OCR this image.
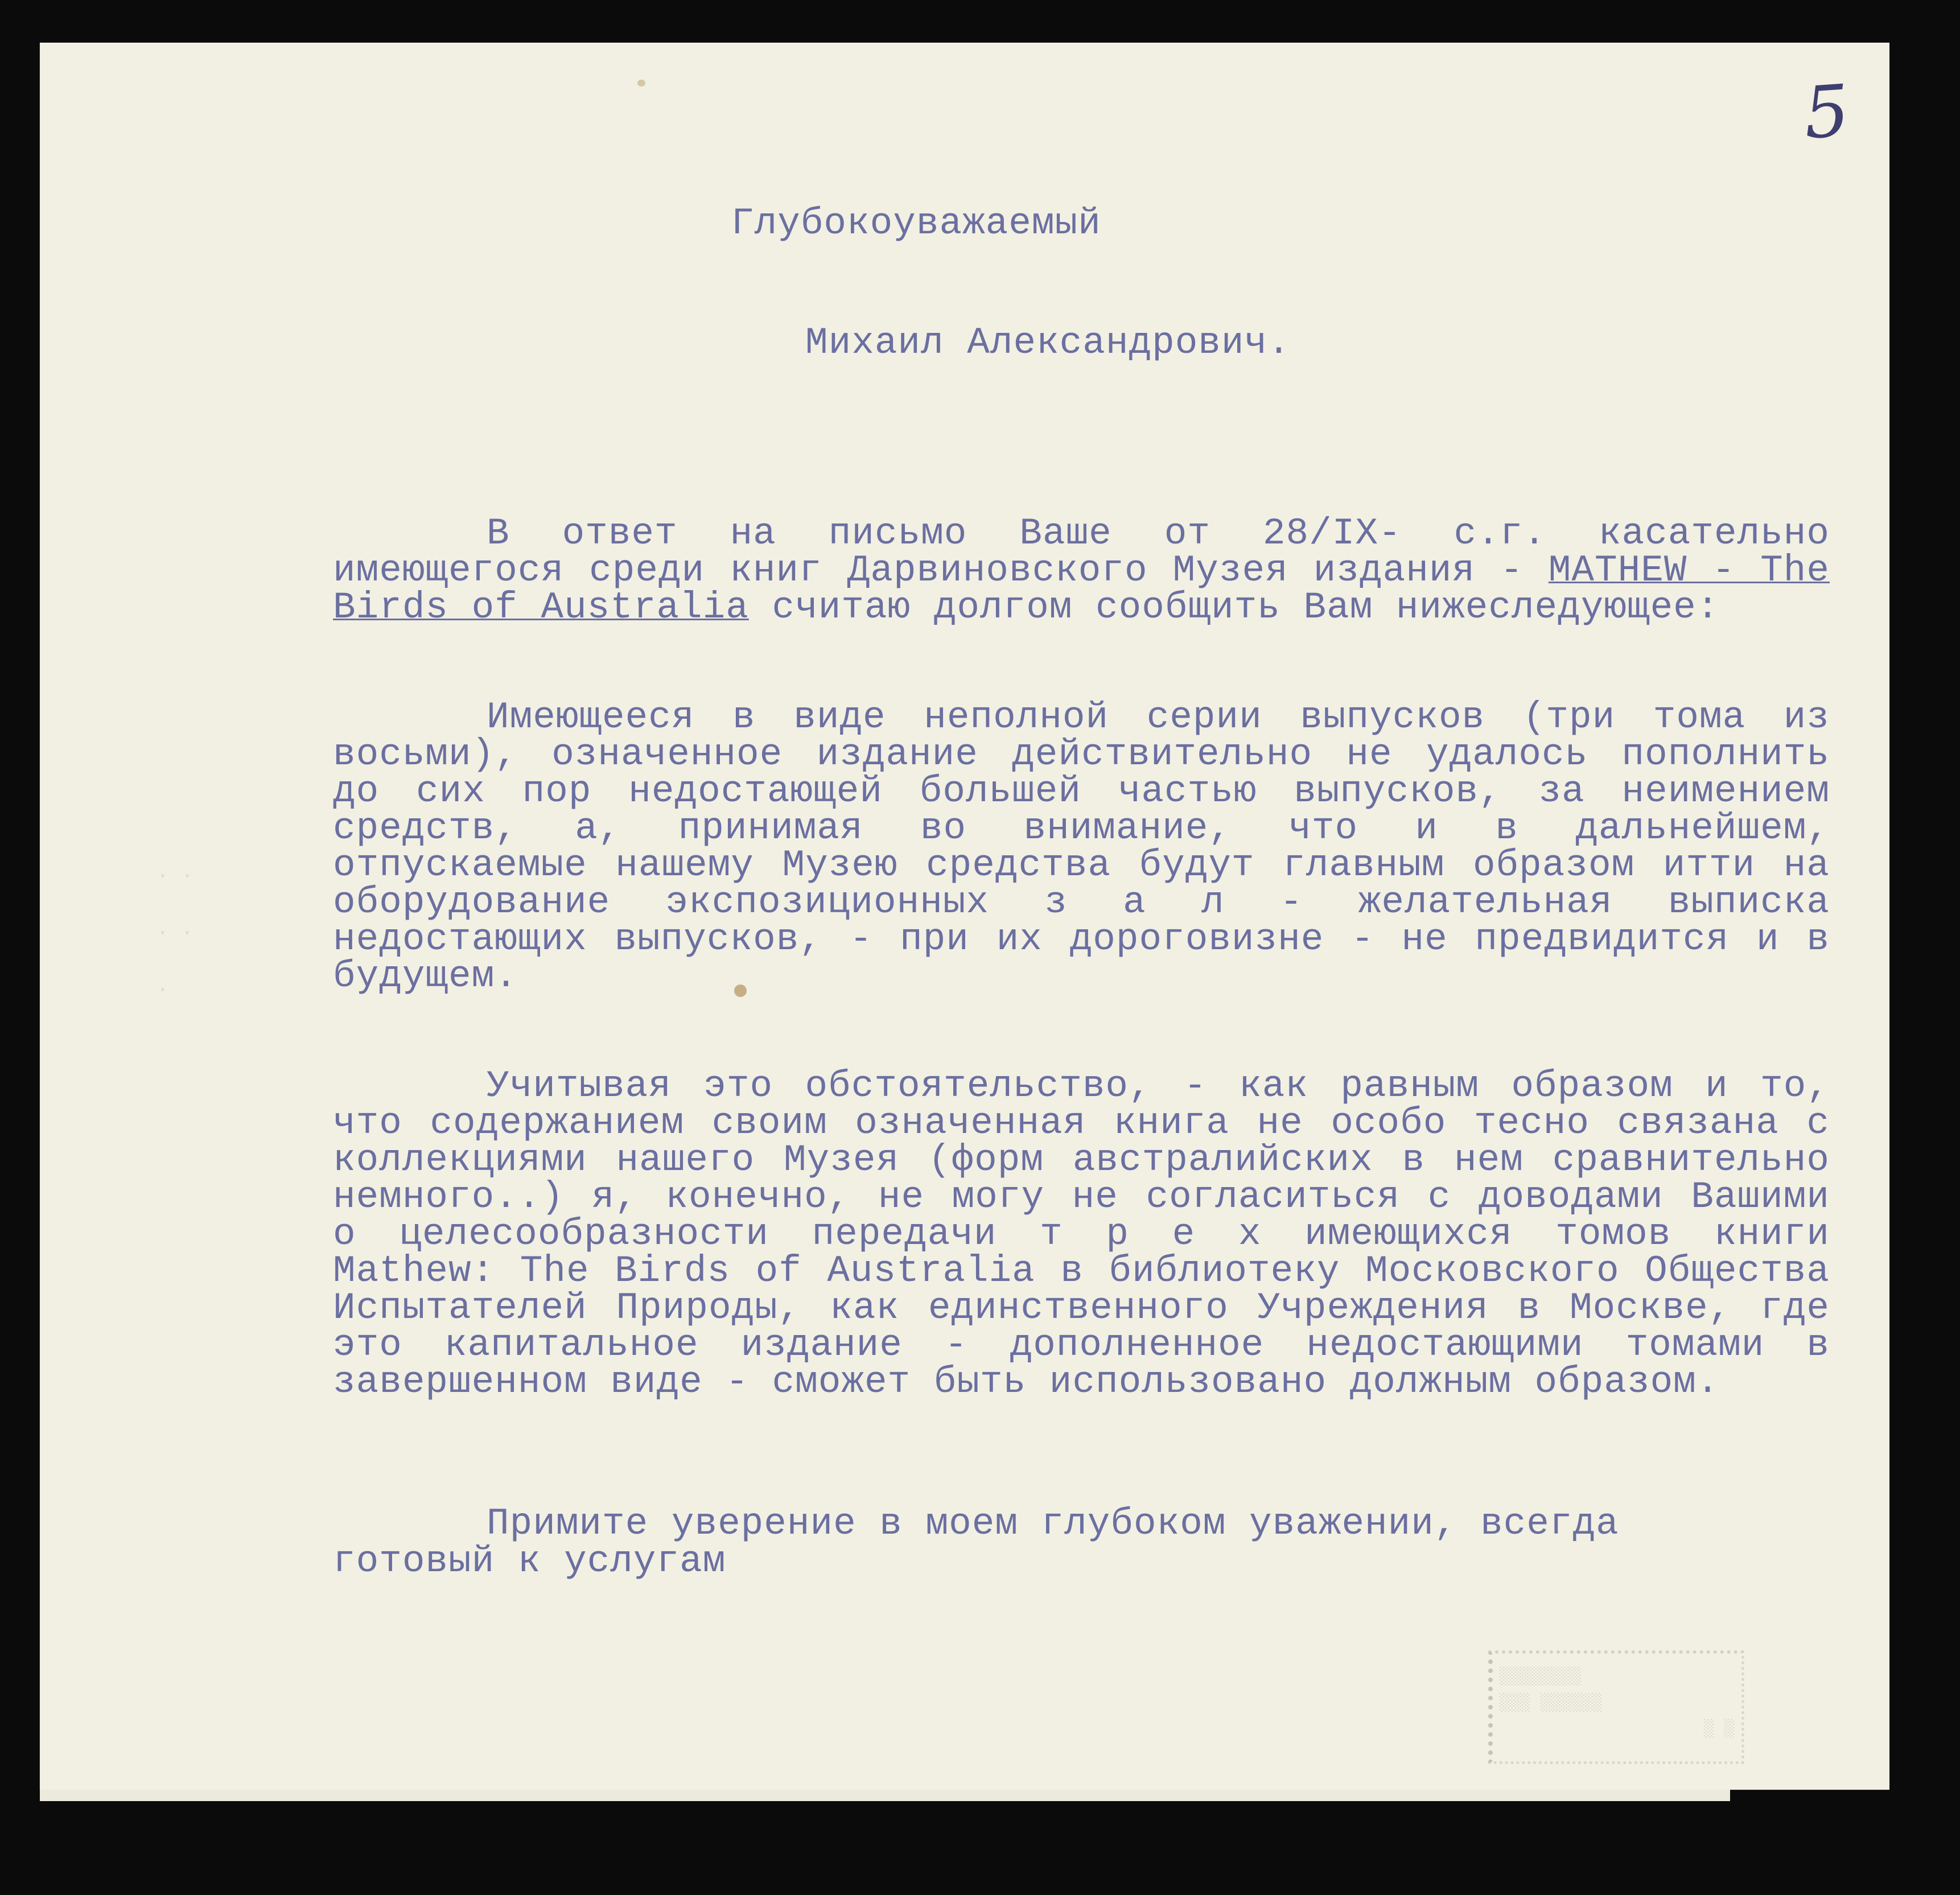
5
Глубокоуважаемый
Михаил Александрович.
В ответ на письмо Ваше от 28/IX- с.г. касательно имеющегося среди книг Дарвиновского Музея издания - MATHEW - The Birds of Australia считаю долгом сообщить Вам нижеследующее:
Имеющееся в виде неполной серии выпусков (три тома из восьми), означенное издание действительно не удалось пополнить до сих пор недостающей большей частью выпусков, за неимением средств, а, принимая во внимание, что и в дальнейшем, отпускаемые нашему Музею средства будут главным образом итти на оборудование экспозиционных з а л - желательная выписка недостающих выпусков, - при их дороговизне - не предвидится и в будущем.
Учитывая это обстоятельство, - как равным образом и то, что содержанием своим означенная книга не особо тесно связана с коллекциями нашего Музея (форм австралийских в нем сравнительно немного..) я, конечно, не могу не согласиться с доводами Вашими о целесообразности передачи т р е х имеющихся томов книги Mathew: The Birds of Australia в библиотеку Московского Общества Испытателей Природы, как единственного Учреждения в Москве, где это капитальное издание - дополненное недостающими томами в завершенном виде - сможет быть использовано должным образом.
Примите уверение в моем глубоком уважении, всегда
готовый к услугам
░░░░░░░░
░░░ ░░░░░░
░ ░
· ·
· ·
·
